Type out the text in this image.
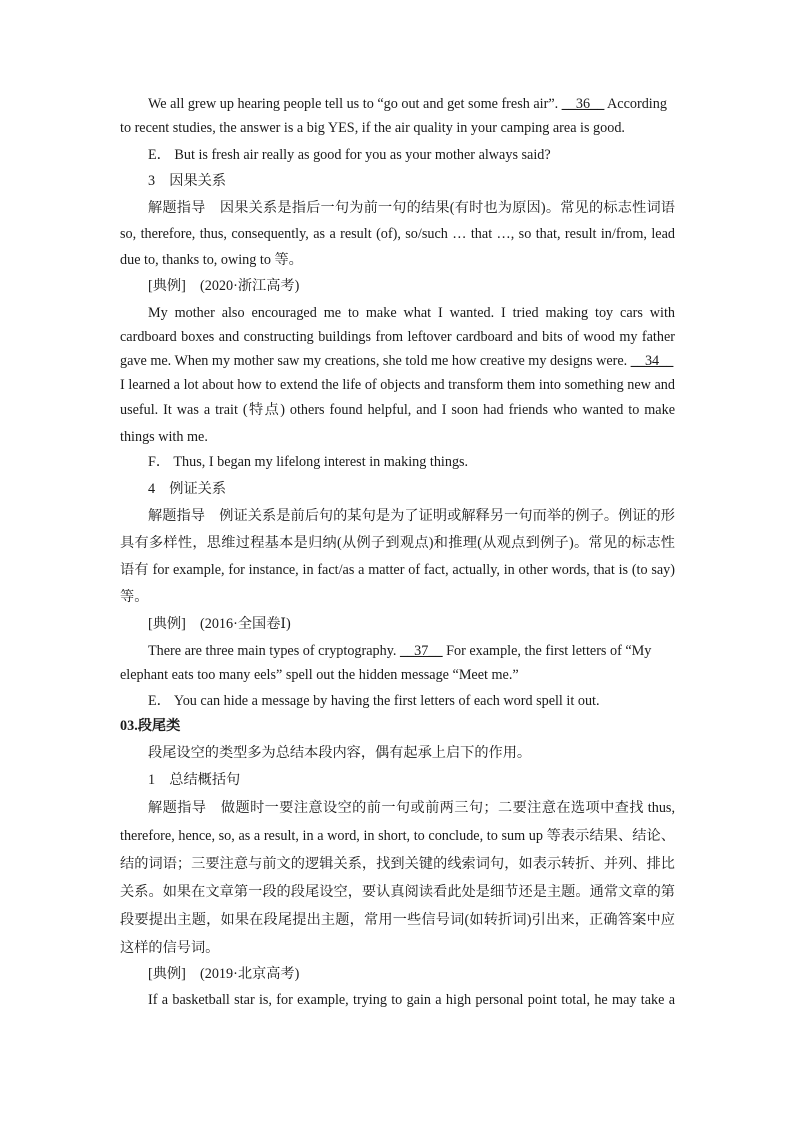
We all grew up hearing people tell us to “go out and get some fresh air”. __36__ According
to recent studies, the answer is a big YES, if the air quality in your camping area is good.
E． But is fresh air really as good for you as your mother always said?
3　因果关系
解题指导　因果关系是指后一句为前一句的结果(有时也为原因)。常见的标志性词语
so, therefore, thus, consequently, as a result (of), so/such … that …, so that, result in/from, lead
due to, thanks to, owing to 等。
[典例]　(2020·浙江高考)
My mother also encouraged me to make what I wanted. I tried making toy cars with
cardboard boxes and constructing buildings from leftover cardboard and bits of wood my father
gave me. When my mother saw my creations, she told me how creative my designs were. __34__
I learned a lot about how to extend the life of objects and transform them into something new and
useful. It was a trait (特点) others found helpful, and I soon had friends who wanted to make
things with me.
F． Thus, I began my lifelong interest in making things.
4　例证关系
解题指导　例证关系是前后句的某句是为了证明或解释另一句而举的例子。例证的形
具有多样性，思维过程基本是归纳(从例子到观点)和推理(从观点到例子)。常见的标志性
语有 for example, for instance, in fact/as a matter of fact, actually, in other words, that is (to say)
等。
[典例]　(2016·全国卷Ⅰ)
There are three main types of cryptography. __37__ For example, the first letters of “My
elephant eats too many eels” spell out the hidden message “Meet me.”
E． You can hide a message by having the first letters of each word spell it out.
03.段尾类
段尾设空的类型多为总结本段内容，偶有起承上启下的作用。
1　总结概括句
解题指导　做题时一要注意设空的前一句或前两三句；二要注意在选项中查找 thus,
therefore, hence, so, as a result, in a word, in short, to conclude, to sum up 等表示结果、结论、
结的词语；三要注意与前文的逻辑关系，找到关键的线索词句，如表示转折、并列、排比
关系。如果在文章第一段的段尾设空，要认真阅读看此处是细节还是主题。通常文章的第
段要提出主题，如果在段尾提出主题，常用一些信号词(如转折词)引出来，正确答案中应
这样的信号词。
[典例]　(2019·北京高考)
If a basketball star is, for example, trying to gain a high personal point total, he may take a
